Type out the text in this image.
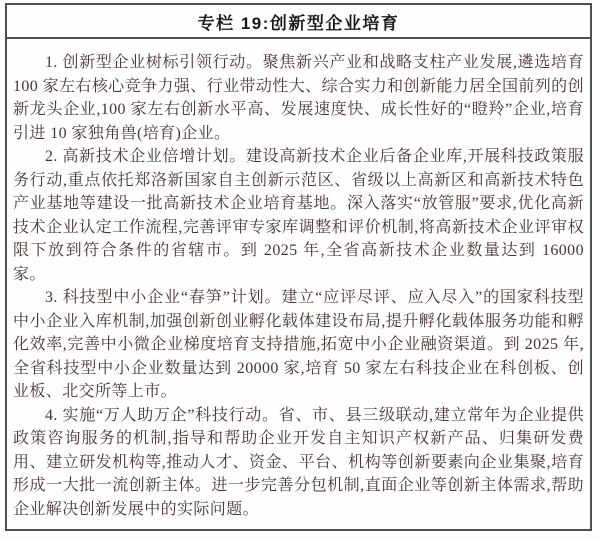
专栏 19:创新型企业培育

1. 创新型企业树标引领行动。聚焦新兴产业和战略支柱产业发展,遴选培育 100 家左右核心竞争力强、行业带动性大、综合实力和创新能力居全国前列的创新龙头企业,100 家左右创新水平高、发展速度快、成长性好的“瞪羚”企业,培育引进 10 家独角兽(培育)企业。

2. 高新技术企业倍增计划。建设高新技术企业后备企业库,开展科技政策服务行动,重点依托郑洛新国家自主创新示范区、省级以上高新区和高新技术特色产业基地等建设一批高新技术企业培育基地。深入落实“放管服”要求,优化高新技术企业认定工作流程,完善评审专家库调整和评价机制,将高新技术企业评审权限下放到符合条件的省辖市。到 2025 年,全省高新技术企业数量达到 16000 家。

3. 科技型中小企业“春笋”计划。建立“应评尽评、应入尽入”的国家科技型中小企业入库机制,加强创新创业孵化载体建设布局,提升孵化载体服务功能和孵化效率,完善中小微企业梯度培育支持措施,拓宽中小企业融资渠道。到 2025 年,全省科技型中小企业数量达到 20000 家,培育 50 家左右科技企业在科创板、创业板、北交所等上市。

4. 实施“万人助万企”科技行动。省、市、县三级联动,建立常年为企业提供政策咨询服务的机制,指导和帮助企业开发自主知识产权新产品、归集研发费用、建立研发机构等,推动人才、资金、平台、机构等创新要素向企业集聚,培育形成一大批一流创新主体。进一步完善分包机制,直面企业等创新主体需求,帮助企业解决创新发展中的实际问题。
